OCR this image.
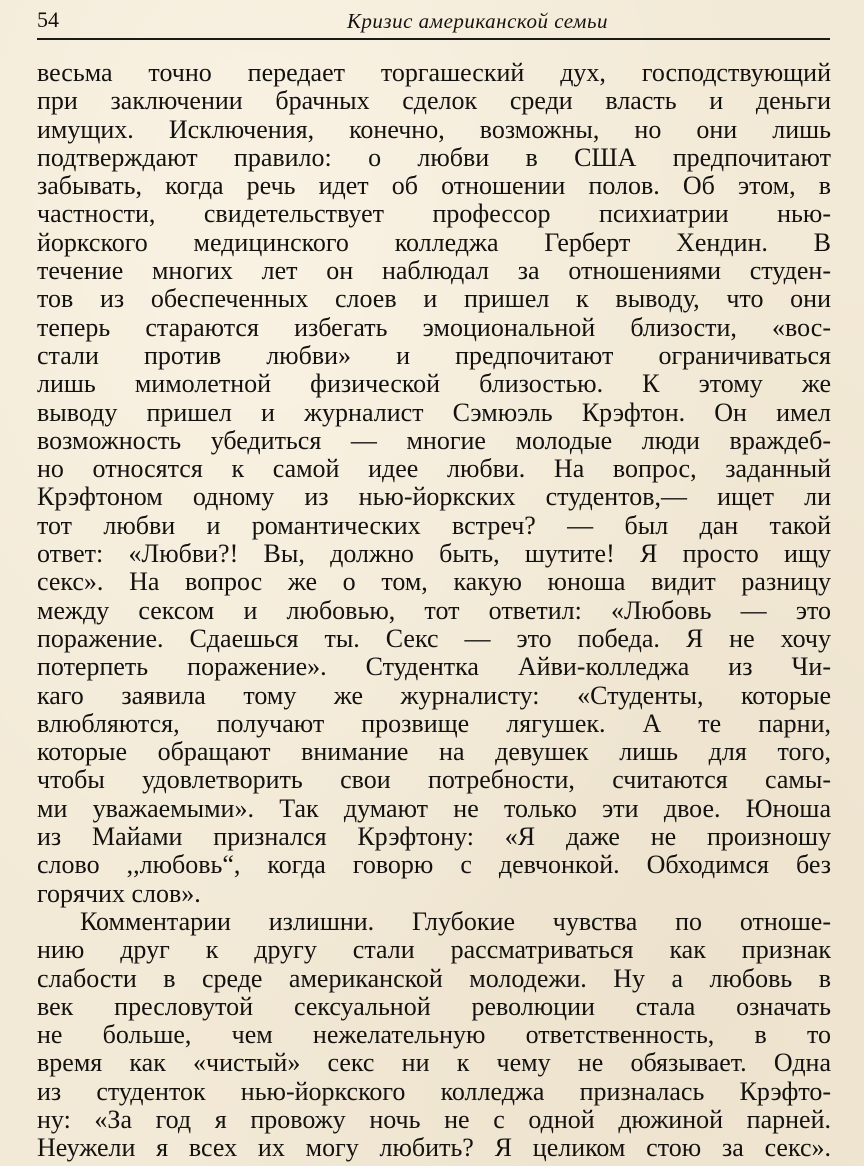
54	Кризис американской семьи
весьма точно передает торгашеский дух, господствующий
при заключении брачных сделок среди власть и деньги
имущих. Исключения, конечно, возможны, но они лишь
подтверждают правило: о любви в США предпочитают
забывать, когда речь идет об отношении полов. Об этом, в
частности, свидетельствует профессор психиатрии нью-
йоркского медицинского колледжа Герберт Хендин. В
течение многих лет он наблюдал за отношениями студен-
тов из обеспеченных слоев и пришел к выводу, что они
теперь стараются избегать эмоциональной близости, «вос-
стали против любви» и предпочитают ограничиваться
лишь мимолетной физической близостью. К этому же
выводу пришел и журналист Сэмюэль Крэфтон. Он имел
возможность убедиться — многие молодые люди враждеб-
но относятся к самой идее любви. На вопрос, заданный
Крэфтоном одному из нью-йоркских студентов,— ищет ли
тот любви и романтических встреч? — был дан такой
ответ: «Любви?! Вы, должно быть, шутите! Я просто ищу
секс». На вопрос же о том, какую юноша видит разницу
между сексом и любовью, тот ответил: «Любовь — это
поражение. Сдаешься ты. Секс — это победа. Я не хочу
потерпеть поражение». Студентка Айви-колледжа из Чи-
каго заявила тому же журналисту: «Студенты, которые
влюбляются, получают прозвище лягушек. А те парни,
которые обращают внимание на девушек лишь для того,
чтобы удовлетворить свои потребности, считаются самы-
ми уважаемыми». Так думают не только эти двое. Юноша
из Майами признался Крэфтону: «Я даже не произношу
слово ,,любовь“, когда говорю с девчонкой. Обходимся без
горячих слов».
Комментарии излишни. Глубокие чувства по отноше-
нию друг к другу стали рассматриваться как признак
слабости в среде американской молодежи. Ну а любовь в
век пресловутой сексуальной революции стала означать
не больше, чем нежелательную ответственность, в то
время как «чистый» секс ни к чему не обязывает. Одна
из студенток нью-йоркского колледжа призналась Крэфто-
ну: «За год я провожу ночь не с одной дюжиной парней.
Неужели я всех их могу любить? Я целиком стою за секс».
